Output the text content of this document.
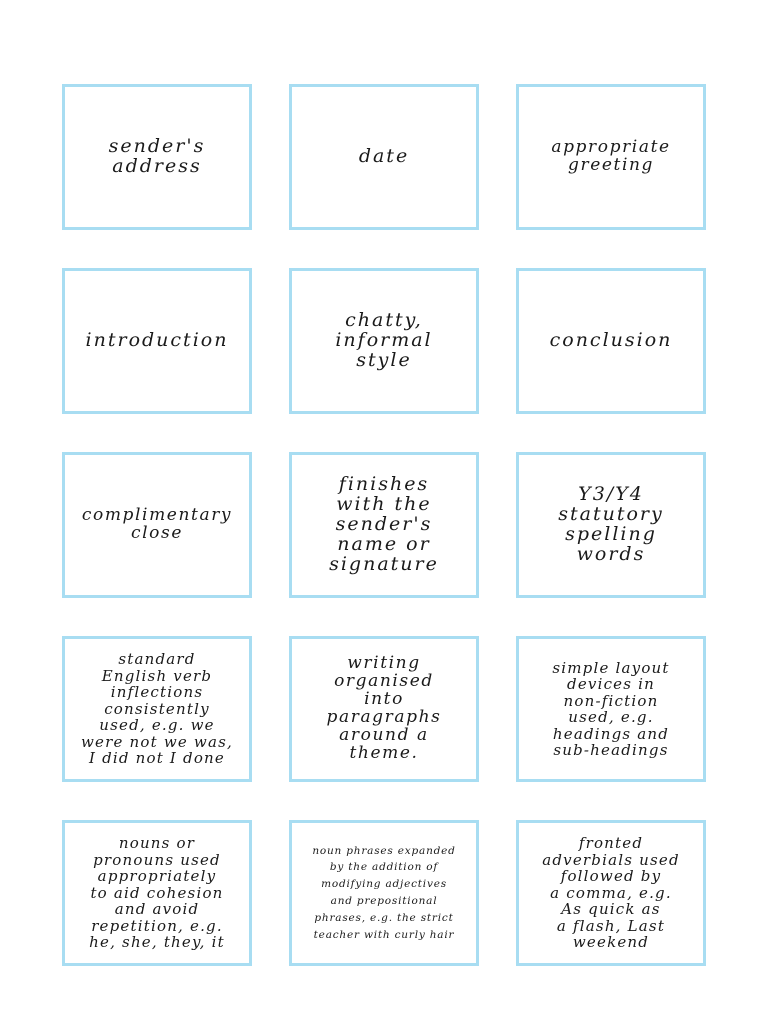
sender's
address	date	appropriate
greeting
introduction
chatty,
informal
style
conclusion
complimentary
close
finishes
with the
sender's
name or
signature
Y3/Y4
statutory
spelling
words
standard
English verb
inflections
consistently
used, e.g. we
were not we was,
I did not I done
writing
organised
into
paragraphs
around a
theme.
simple layout
devices in
non-fiction
used, e.g.
headings and
sub-headings
nouns or
pronouns used
appropriately
to aid cohesion
and avoid
repetition, e.g.
he, she, they, it
noun phrases expanded
by the addition of
modifying adjectives
and prepositional
phrases, e.g. the strict
teacher with curly hair
fronted
adverbials used
followed by
a comma, e.g.
As quick as
a flash, Last
weekend
